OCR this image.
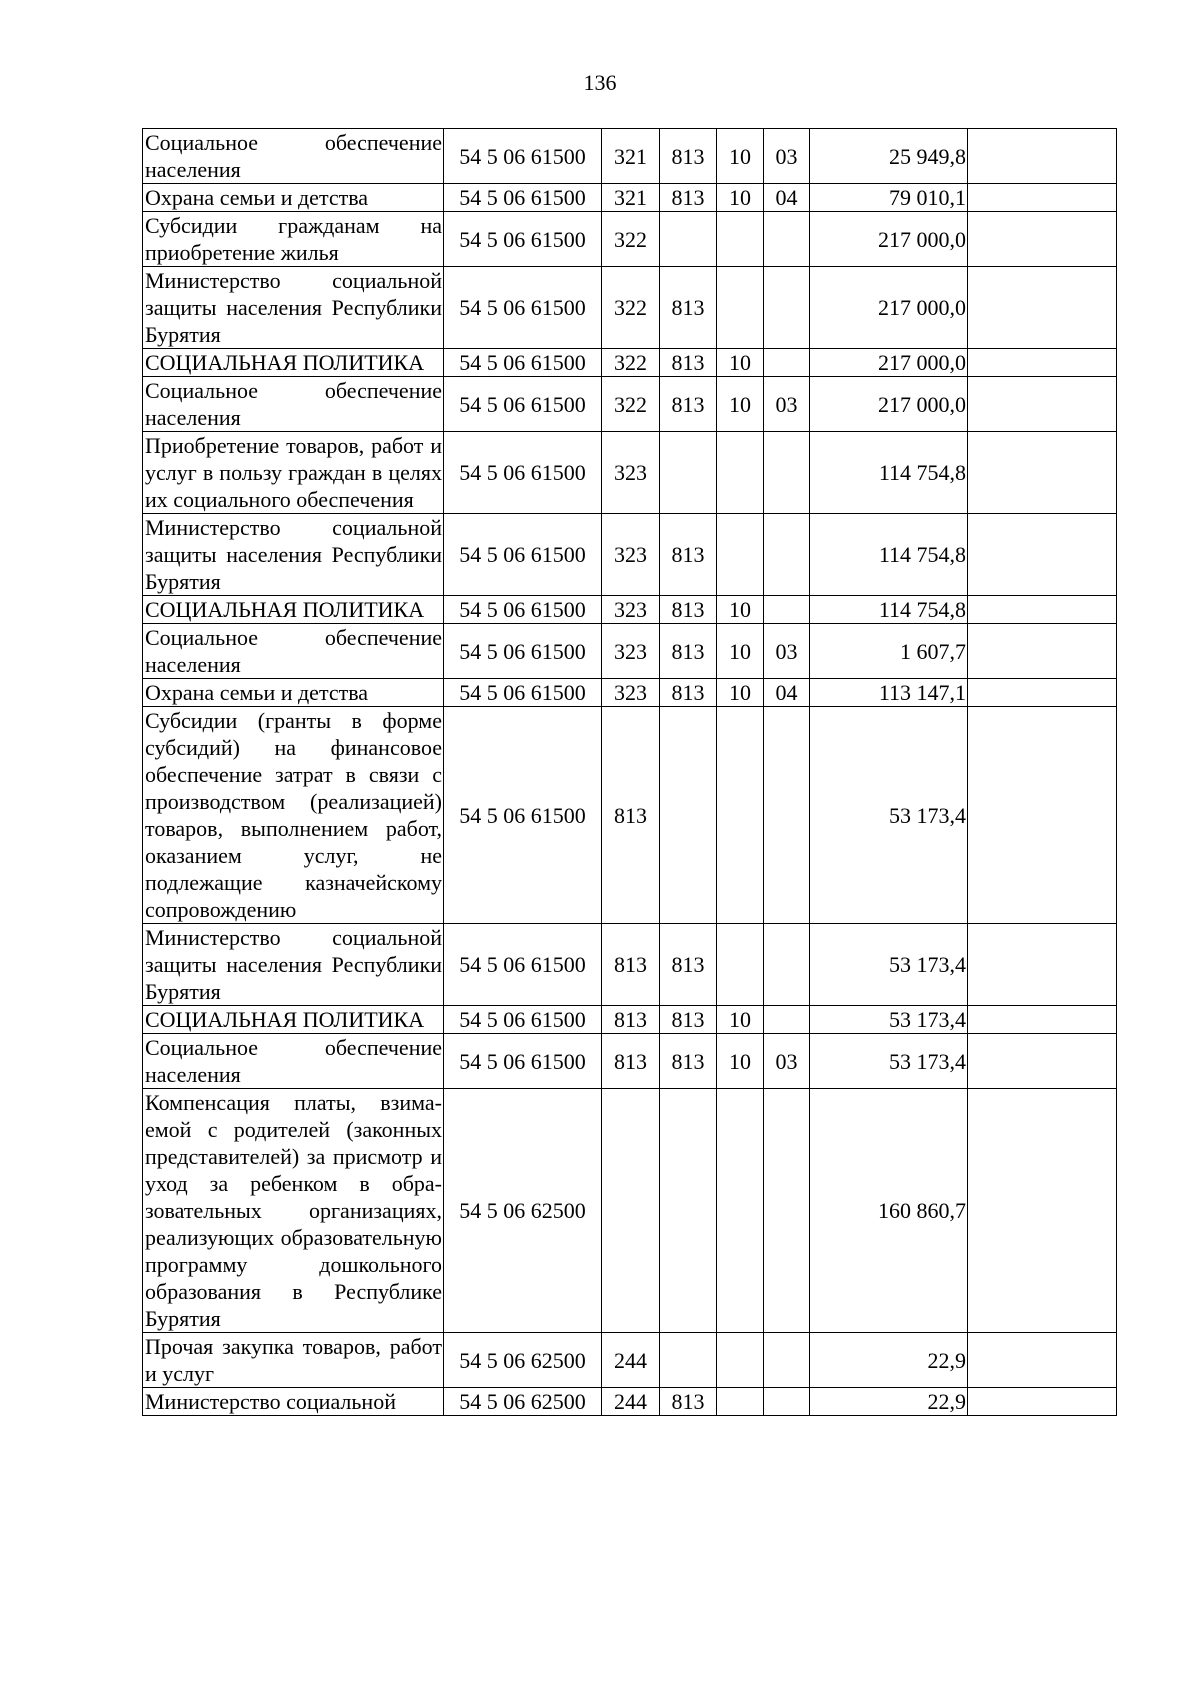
136
Социальное обеспечение населения	54 5 06 61500	321	813	10	03	25 949,8	
Охрана семьи и детства	54 5 06 61500	321	813	10	04	79 010,1	
Субсидии гражданам на приобретение жилья	54 5 06 61500	322				217 000,0	
Министерство социальной защиты населения Республики Бурятия	54 5 06 61500	322	813			217 000,0	
СОЦИАЛЬНАЯ ПОЛИТИКА	54 5 06 61500	322	813	10		217 000,0	
Социальное обеспечение населения	54 5 06 61500	322	813	10	03	217 000,0	
Приобретение товаров, работ и услуг в пользу граждан в целях их социального обеспечения	54 5 06 61500	323				114 754,8	
Министерство социальной защиты населения Республики Бурятия	54 5 06 61500	323	813			114 754,8	
СОЦИАЛЬНАЯ ПОЛИТИКА	54 5 06 61500	323	813	10		114 754,8	
Социальное обеспечение населения	54 5 06 61500	323	813	10	03	1 607,7	
Охрана семьи и детства	54 5 06 61500	323	813	10	04	113 147,1	
Субсидии (гранты в форме субсидий) на финансовое обеспечение затрат в связи с производством (реализацией) товаров, выполнением работ, оказанием услуг, не подлежащие казначейскому сопровождению	54 5 06 61500	813				53 173,4	
Министерство социальной защиты населения Республики Бурятия	54 5 06 61500	813	813			53 173,4	
СОЦИАЛЬНАЯ ПОЛИТИКА	54 5 06 61500	813	813	10		53 173,4	
Социальное обеспечение населения	54 5 06 61500	813	813	10	03	53 173,4	
Компенсация платы, взимаемой с родителей (законных представителей) за присмотр и уход за ребенком в образовательных организациях, реализующих образовательную программу дошкольного образования в Республике Бурятия	54 5 06 62500					160 860,7	
Прочая закупка товаров, работ и услуг	54 5 06 62500	244				22,9	
Министерство социальной	54 5 06 62500	244	813			22,9	
